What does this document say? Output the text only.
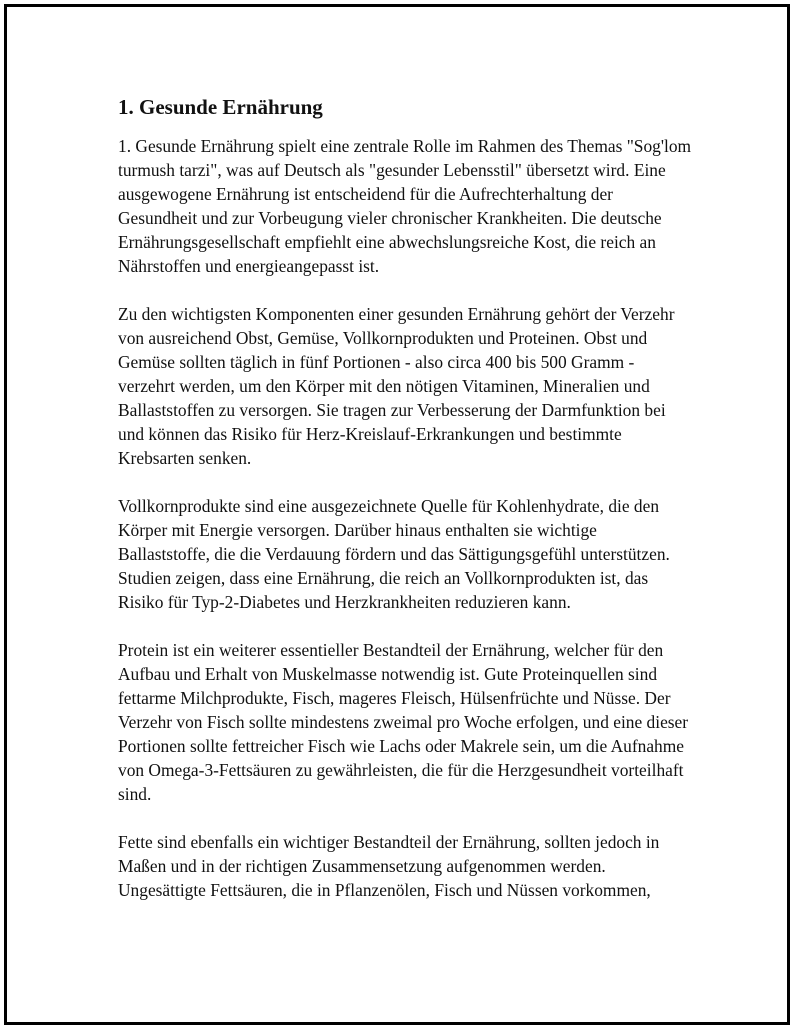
1. Gesunde Ernährung

1. Gesunde Ernährung spielt eine zentrale Rolle im Rahmen des Themas "Sog'lom turmush tarzi", was auf Deutsch als "gesunder Lebensstil" übersetzt wird. Eine ausgewogene Ernährung ist entscheidend für die Aufrechterhaltung der Gesundheit und zur Vorbeugung vieler chronischer Krankheiten. Die deutsche Ernährungsgesellschaft empfiehlt eine abwechslungsreiche Kost, die reich an Nährstoffen und energieangepasst ist.

Zu den wichtigsten Komponenten einer gesunden Ernährung gehört der Verzehr von ausreichend Obst, Gemüse, Vollkornprodukten und Proteinen. Obst und Gemüse sollten täglich in fünf Portionen - also circa 400 bis 500 Gramm - verzehrt werden, um den Körper mit den nötigen Vitaminen, Mineralien und Ballaststoffen zu versorgen. Sie tragen zur Verbesserung der Darmfunktion bei und können das Risiko für Herz-Kreislauf-Erkrankungen und bestimmte Krebsarten senken.

Vollkornprodukte sind eine ausgezeichnete Quelle für Kohlenhydrate, die den Körper mit Energie versorgen. Darüber hinaus enthalten sie wichtige Ballaststoffe, die die Verdauung fördern und das Sättigungsgefühl unterstützen. Studien zeigen, dass eine Ernährung, die reich an Vollkornprodukten ist, das Risiko für Typ-2-Diabetes und Herzkrankheiten reduzieren kann.

Protein ist ein weiterer essentieller Bestandteil der Ernährung, welcher für den Aufbau und Erhalt von Muskelmasse notwendig ist. Gute Proteinquellen sind fettarme Milchprodukte, Fisch, mageres Fleisch, Hülsenfrüchte und Nüsse. Der Verzehr von Fisch sollte mindestens zweimal pro Woche erfolgen, und eine dieser Portionen sollte fettreicher Fisch wie Lachs oder Makrele sein, um die Aufnahme von Omega-3-Fettsäuren zu gewährleisten, die für die Herzgesundheit vorteilhaft sind.

Fette sind ebenfalls ein wichtiger Bestandteil der Ernährung, sollten jedoch in Maßen und in der richtigen Zusammensetzung aufgenommen werden. Ungesättigte Fettsäuren, die in Pflanzenölen, Fisch und Nüssen vorkommen,
